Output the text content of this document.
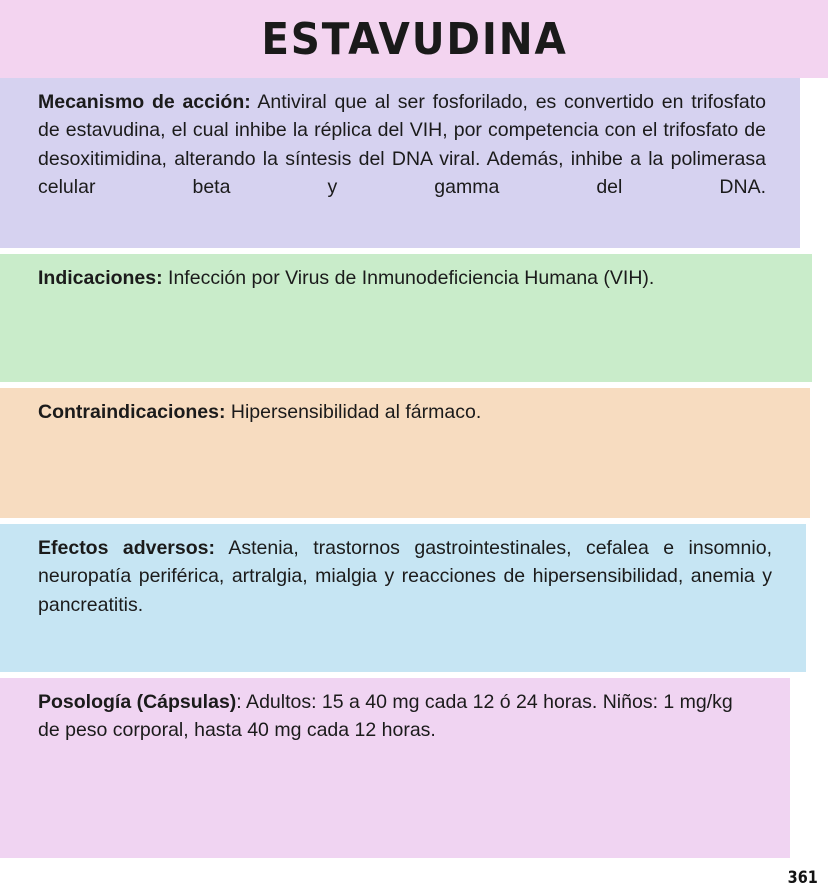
ESTAVUDINA

Mecanismo de acción: Antiviral que al ser fosforilado, es convertido en trifosfato de estavudina, el cual inhibe la réplica del VIH, por competencia con el trifosfato de desoxitimidina, alterando la síntesis del DNA viral. Además, inhibe a la polimerasa celular beta y gamma del DNA.

Indicaciones: Infección por Virus de Inmunodeficiencia Humana (VIH).

Contraindicaciones: Hipersensibilidad al fármaco.

Efectos adversos: Astenia, trastornos gastrointestinales, cefalea e insomnio, neuropatía periférica, artralgia, mialgia y reacciones de hipersensibilidad, anemia y pancreatitis.

Posología (Cápsulas): Adultos: 15 a 40 mg cada 12 ó 24 horas. Niños: 1 mg/kg de peso corporal, hasta 40 mg cada 12 horas.

361
